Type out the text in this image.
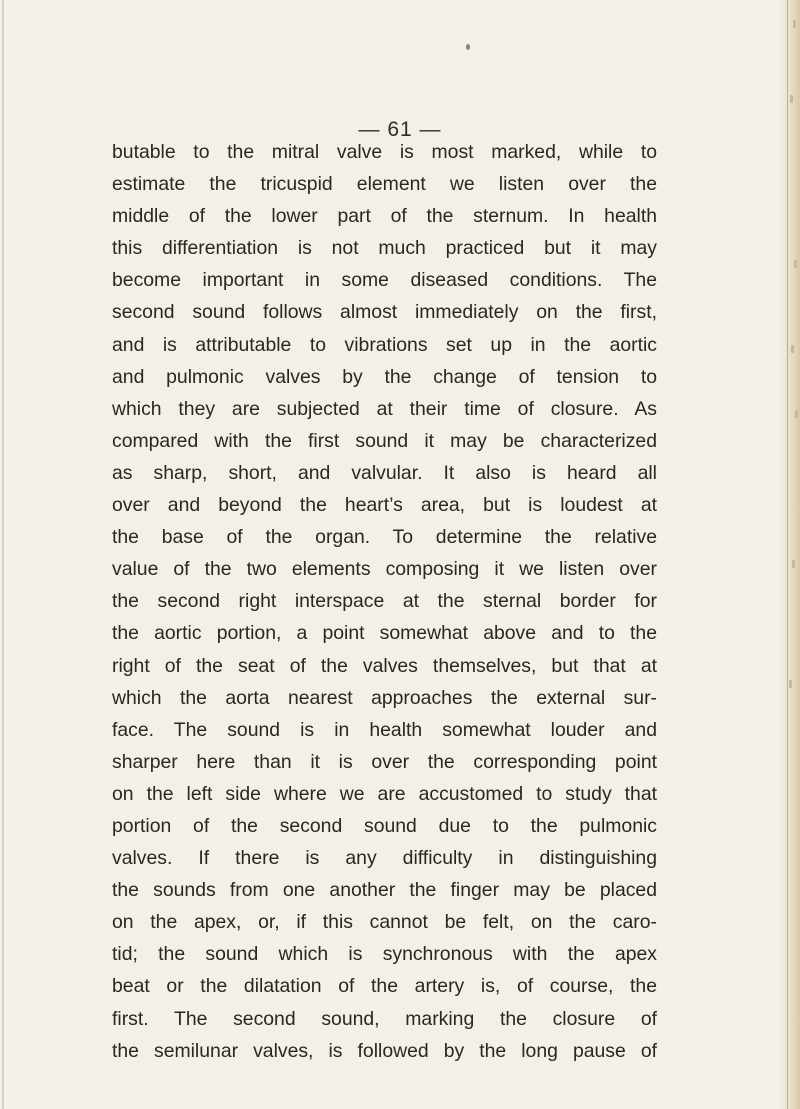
— 61 —
butable to the mitral valve is most marked, while to
estimate the tricuspid element we listen over the
middle of the lower part of the sternum. In health
this differentiation is not much practiced but it may
become important in some diseased conditions. The
second sound follows almost immediately on the first,
and is attributable to vibrations set up in the aortic
and pulmonic valves by the change of tension to
which they are subjected at their time of closure. As
compared with the first sound it may be characterized
as sharp, short, and valvular. It also is heard all
over and beyond the heart’s area, but is loudest at
the base of the organ. To determine the relative
value of the two elements composing it we listen over
the second right interspace at the sternal border for
the aortic portion, a point somewhat above and to the
right of the seat of the valves themselves, but that at
which the aorta nearest approaches the external sur-
face. The sound is in health somewhat louder and
sharper here than it is over the corresponding point
on the left side where we are accustomed to study that
portion of the second sound due to the pulmonic
valves. If there is any difficulty in distinguishing
the sounds from one another the finger may be placed
on the apex, or, if this cannot be felt, on the caro-
tid; the sound which is synchronous with the apex
beat or the dilatation of the artery is, of course, the
first. The second sound, marking the closure of
the semilunar valves, is followed by the long pause of
